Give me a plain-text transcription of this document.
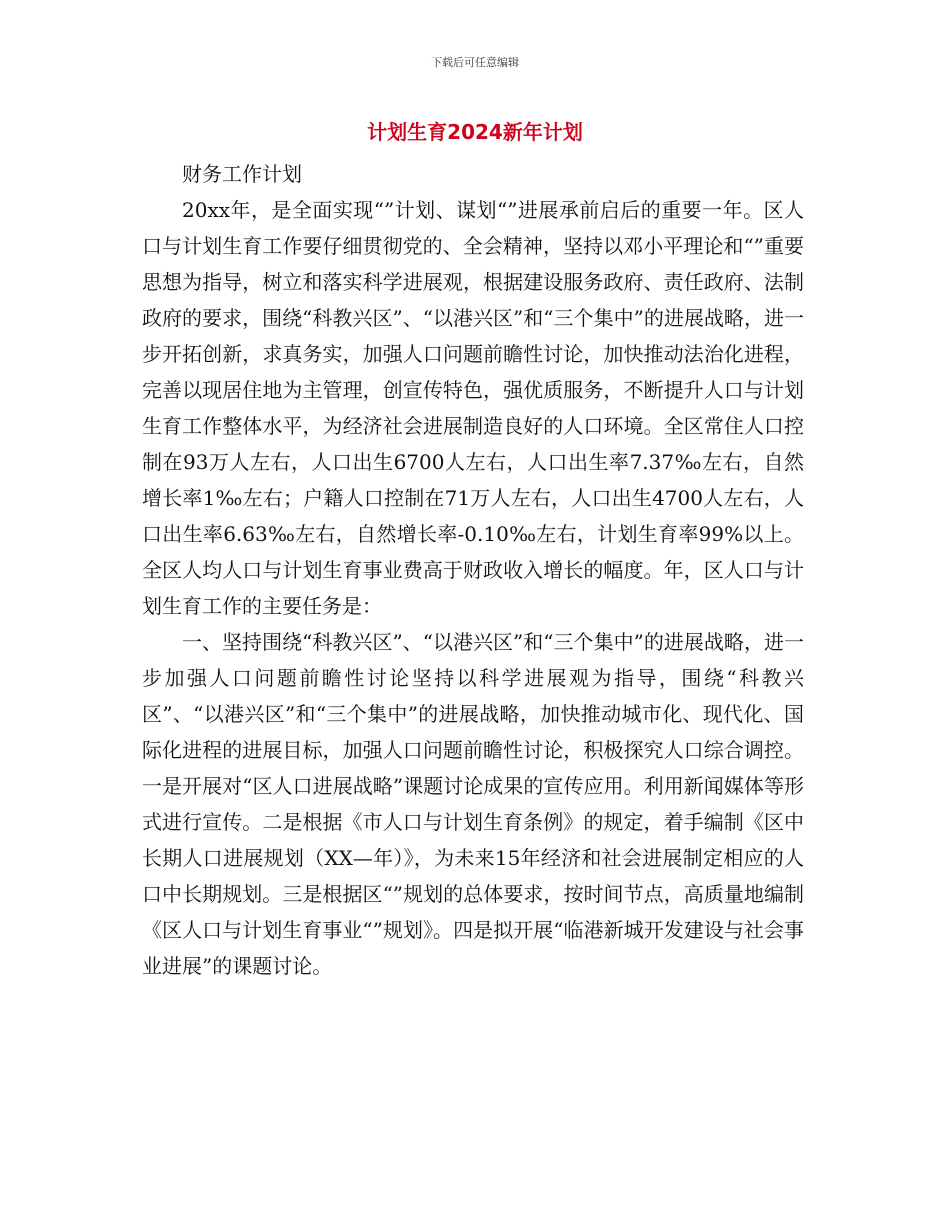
下载后可任意编辑
计划生育2024新年计划

财务工作计划

20xx年，是全面实现“”计划、谋划“”进展承前启后的重要一年。区人口与计划生育工作要仔细贯彻党的、全会精神，坚持以邓小平理论和“”重要思想为指导，树立和落实科学进展观，根据建设服务政府、责任政府、法制政府的要求，围绕“科教兴区”、“以港兴区”和“三个集中”的进展战略，进一步开拓创新，求真务实，加强人口问题前瞻性讨论，加快推动法治化进程，完善以现居住地为主管理，创宣传特色，强优质服务，不断提升人口与计划生育工作整体水平，为经济社会进展制造良好的人口环境。全区常住人口控制在93万人左右，人口出生6700人左右，人口出生率7.37‰左右，自然增长率1‰左右；户籍人口控制在71万人左右，人口出生4700人左右，人口出生率6.63‰左右，自然增长率-0.10‰左右，计划生育率99%以上。全区人均人口与计划生育事业费高于财政收入增长的幅度。年，区人口与计划生育工作的主要任务是：

一、坚持围绕“科教兴区”、“以港兴区”和“三个集中”的进展战略，进一步加强人口问题前瞻性讨论坚持以科学进展观为指导，围绕“科教兴区”、“以港兴区”和“三个集中”的进展战略，加快推动城市化、现代化、国际化进程的进展目标，加强人口问题前瞻性讨论，积极探究人口综合调控。一是开展对“区人口进展战略”课题讨论成果的宣传应用。利用新闻媒体等形式进行宣传。二是根据《市人口与计划生育条例》的规定，着手编制《区中长期人口进展规划（XX—年）》，为未来15年经济和社会进展制定相应的人口中长期规划。三是根据区“”规划的总体要求，按时间节点，高质量地编制《区人口与计划生育事业“”规划》。四是拟开展“临港新城开发建设与社会事业进展”的课题讨论。
